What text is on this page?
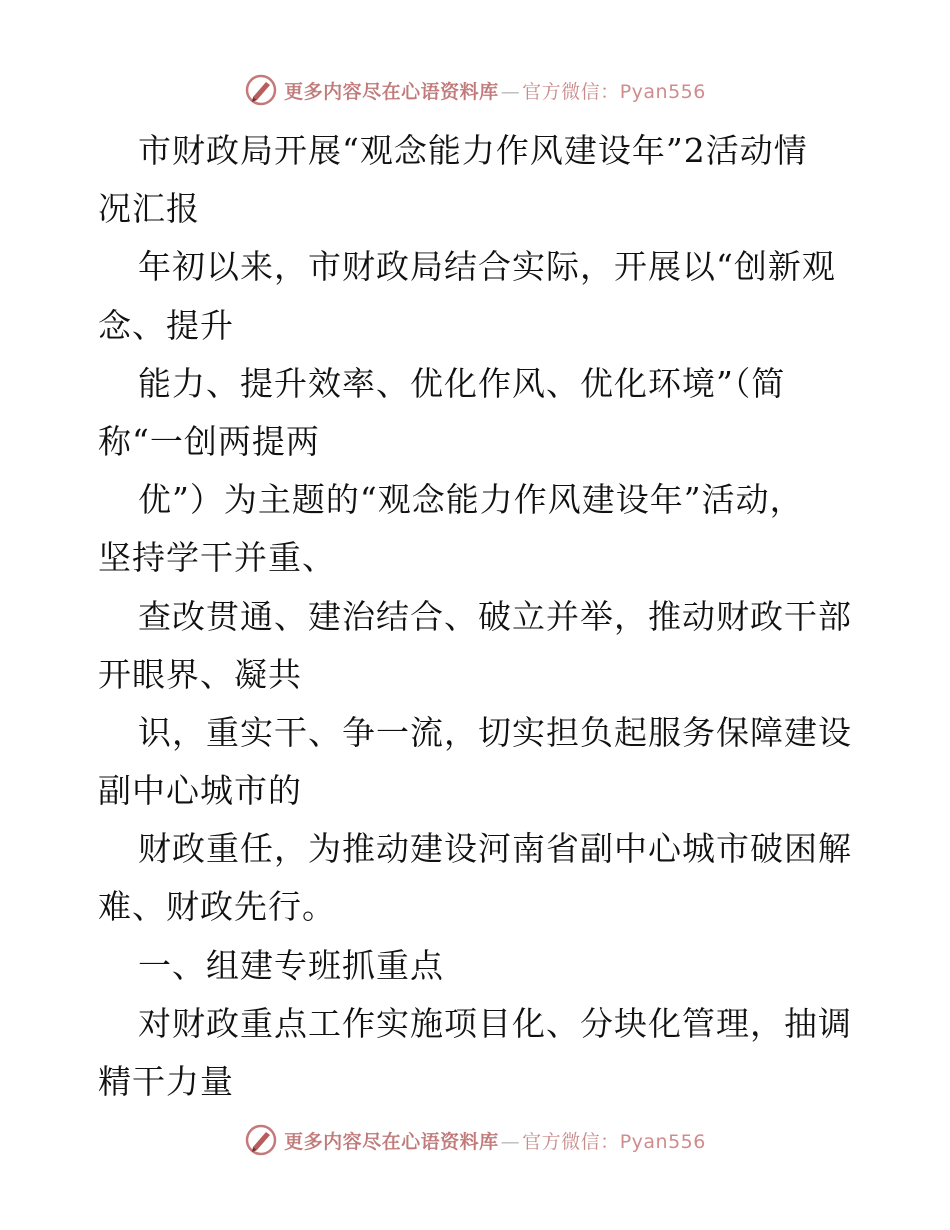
更多内容尽在心语资料库 — 官方微信：Pyan556
市财政局开展“观念能力作风建设年”2活动情
况汇报
年初以来，市财政局结合实际，开展以“创新观
念、提升
能力、提升效率、优化作风、优化环境”（简
称“一创两提两
优”）为主题的“观念能力作风建设年”活动，
坚持学干并重、
查改贯通、建治结合、破立并举，推动财政干部
开眼界、凝共
识，重实干、争一流，切实担负起服务保障建设
副中心城市的
财政重任，为推动建设河南省副中心城市破困解
难、财政先行。
一、组建专班抓重点
对财政重点工作实施项目化、分块化管理，抽调
精干力量
更多内容尽在心语资料库 — 官方微信：Pyan556
